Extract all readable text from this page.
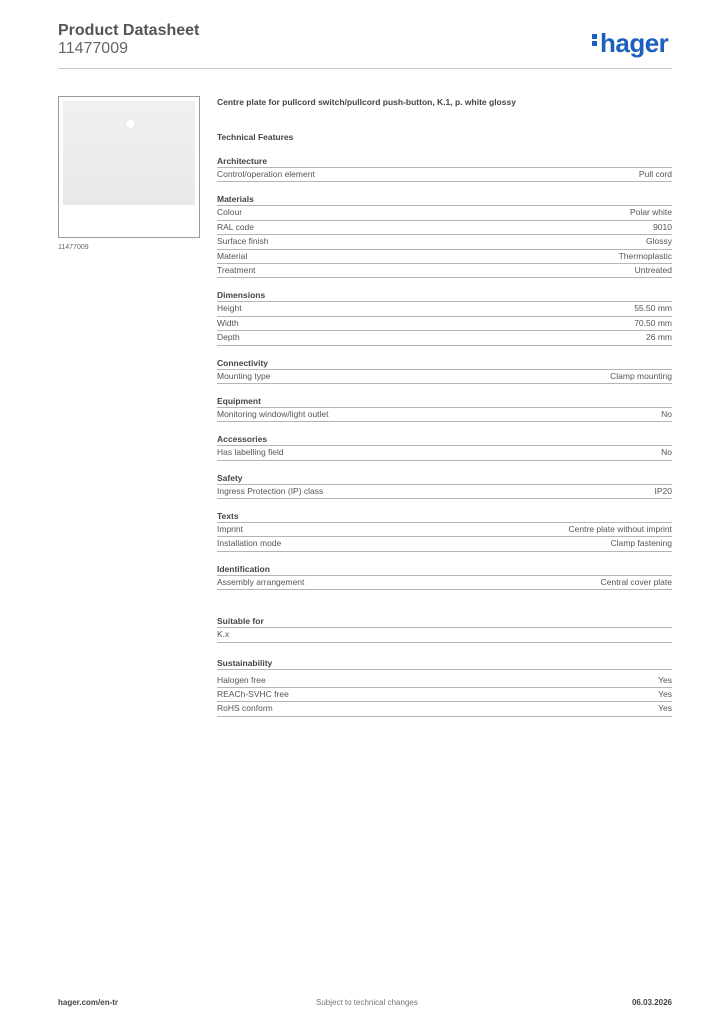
Product Datasheet
11477009	hager
11477009
Centre plate for pullcord switch/pullcord push-button, K.1, p. white glossy
Technical Features
Architecture
Control/operation element	Pull cord
Materials
Colour	Polar white
RAL code	9010
Surface finish	Glossy
Material	Thermoplastic
Treatment	Untreated
Dimensions
Height	55.50 mm
Width	70.50 mm
Depth	26 mm
Connectivity
Mounting type	Clamp mounting
Equipment
Monitoring window/light outlet	No
Accessories
Has labelling field	No
Safety
Ingress Protection (IP) class	IP20
Texts
Imprint	Centre plate without imprint
Installation mode	Clamp fastening
Identification
Assembly arrangement	Central cover plate
Suitable for
K.x
Sustainability
Halogen free	Yes
REACh-SVHC free	Yes
RoHS conform	Yes
hager.com/en-tr	Subject to technical changes	06.03.2026
